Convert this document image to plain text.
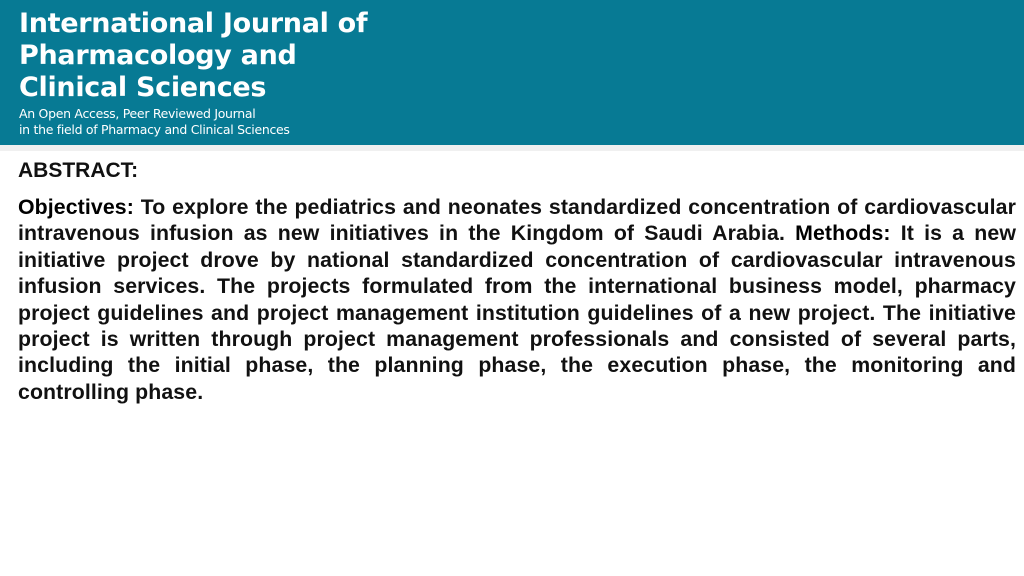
International Journal of
Pharmacology and
Clinical Sciences
An Open Access, Peer Reviewed Journal
in the field of Pharmacy and Clinical Sciences
ABSTRACT:

Objectives: To explore the pediatrics and neonates standardized concentration of cardiovascular intravenous infusion as new initiatives in the Kingdom of Saudi Arabia. Methods: It is a new initiative project drove by national standardized concentration of cardiovascular intravenous infusion services. The projects formulated from the international business model, pharmacy project guidelines and project management institution guidelines of a new project. The initiative project is written through project management professionals and consisted of several parts, including the initial phase, the planning phase, the execution phase, the monitoring and controlling phase.
